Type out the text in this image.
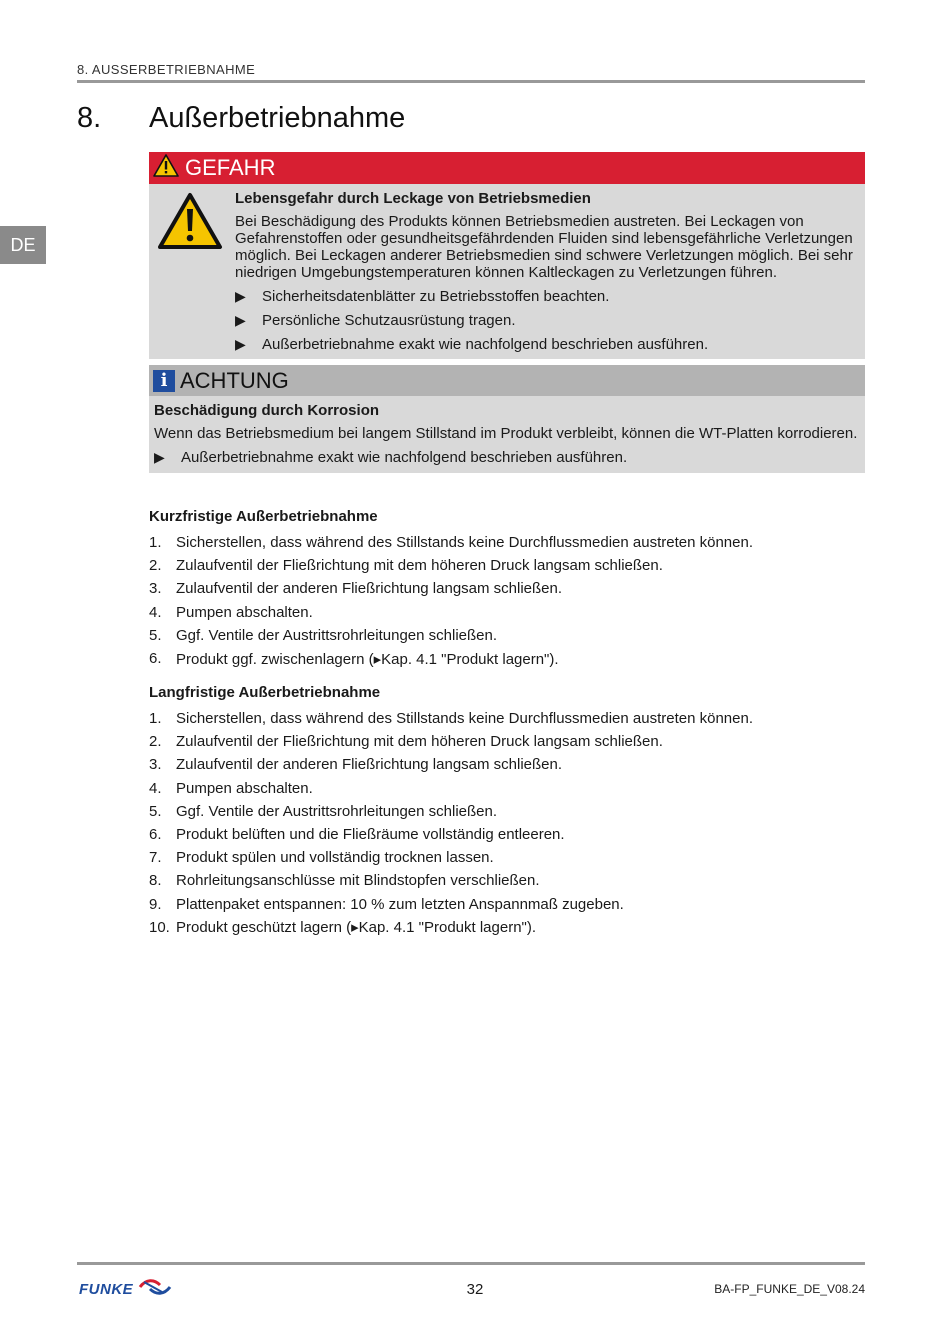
8. AUSSERBETRIEBNAHME
DE
8. Außerbetriebnahme
GEFAHR
Lebensgefahr durch Leckage von Betriebsmedien

Bei Beschädigung des Produkts können Betriebsmedien austreten. Bei Leckagen von Gefahrenstoffen oder gesundheitsgefährdenden Fluiden sind lebensgefährliche Verletzungen möglich. Bei Leckagen anderer Betriebsmedien sind schwere Verletzungen möglich. Bei sehr niedrigen Umgebungstemperaturen können Kaltleckagen zu Verletzungen führen.

▶	Sicherheitsdatenblätter zu Betriebsstoffen beachten.
▶	Persönliche Schutzausrüstung tragen.
▶	Außerbetriebnahme exakt wie nachfolgend beschrieben ausführen.
i ACHTUNG
Beschädigung durch Korrosion

Wenn das Betriebsmedium bei langem Stillstand im Produkt verbleibt, können die WT-Platten korrodieren.

▶	Außerbetriebnahme exakt wie nachfolgend beschrieben ausführen.
Kurzfristige Außerbetriebnahme
1. Sicherstellen, dass während des Stillstands keine Durchflussmedien austreten können.
2. Zulaufventil der Fließrichtung mit dem höheren Druck langsam schließen.
3. Zulaufventil der anderen Fließrichtung langsam schließen.
4. Pumpen abschalten.
5. Ggf. Ventile der Austrittsrohrleitungen schließen.
6. Produkt ggf. zwischenlagern (▸Kap. 4.1 "Produkt lagern").
Langfristige Außerbetriebnahme
1. Sicherstellen, dass während des Stillstands keine Durchflussmedien austreten können.
2. Zulaufventil der Fließrichtung mit dem höheren Druck langsam schließen.
3. Zulaufventil der anderen Fließrichtung langsam schließen.
4. Pumpen abschalten.
5. Ggf. Ventile der Austrittsrohrleitungen schließen.
6. Produkt belüften und die Fließräume vollständig entleeren.
7. Produkt spülen und vollständig trocknen lassen.
8. Rohrleitungsanschlüsse mit Blindstopfen verschließen.
9. Plattenpaket entspannen: 10 % zum letzten Anspannmaß zugeben.
10. Produkt geschützt lagern (▸Kap. 4.1 "Produkt lagern").
FUNKE	32	BA-FP_FUNKE_DE_V08.24
